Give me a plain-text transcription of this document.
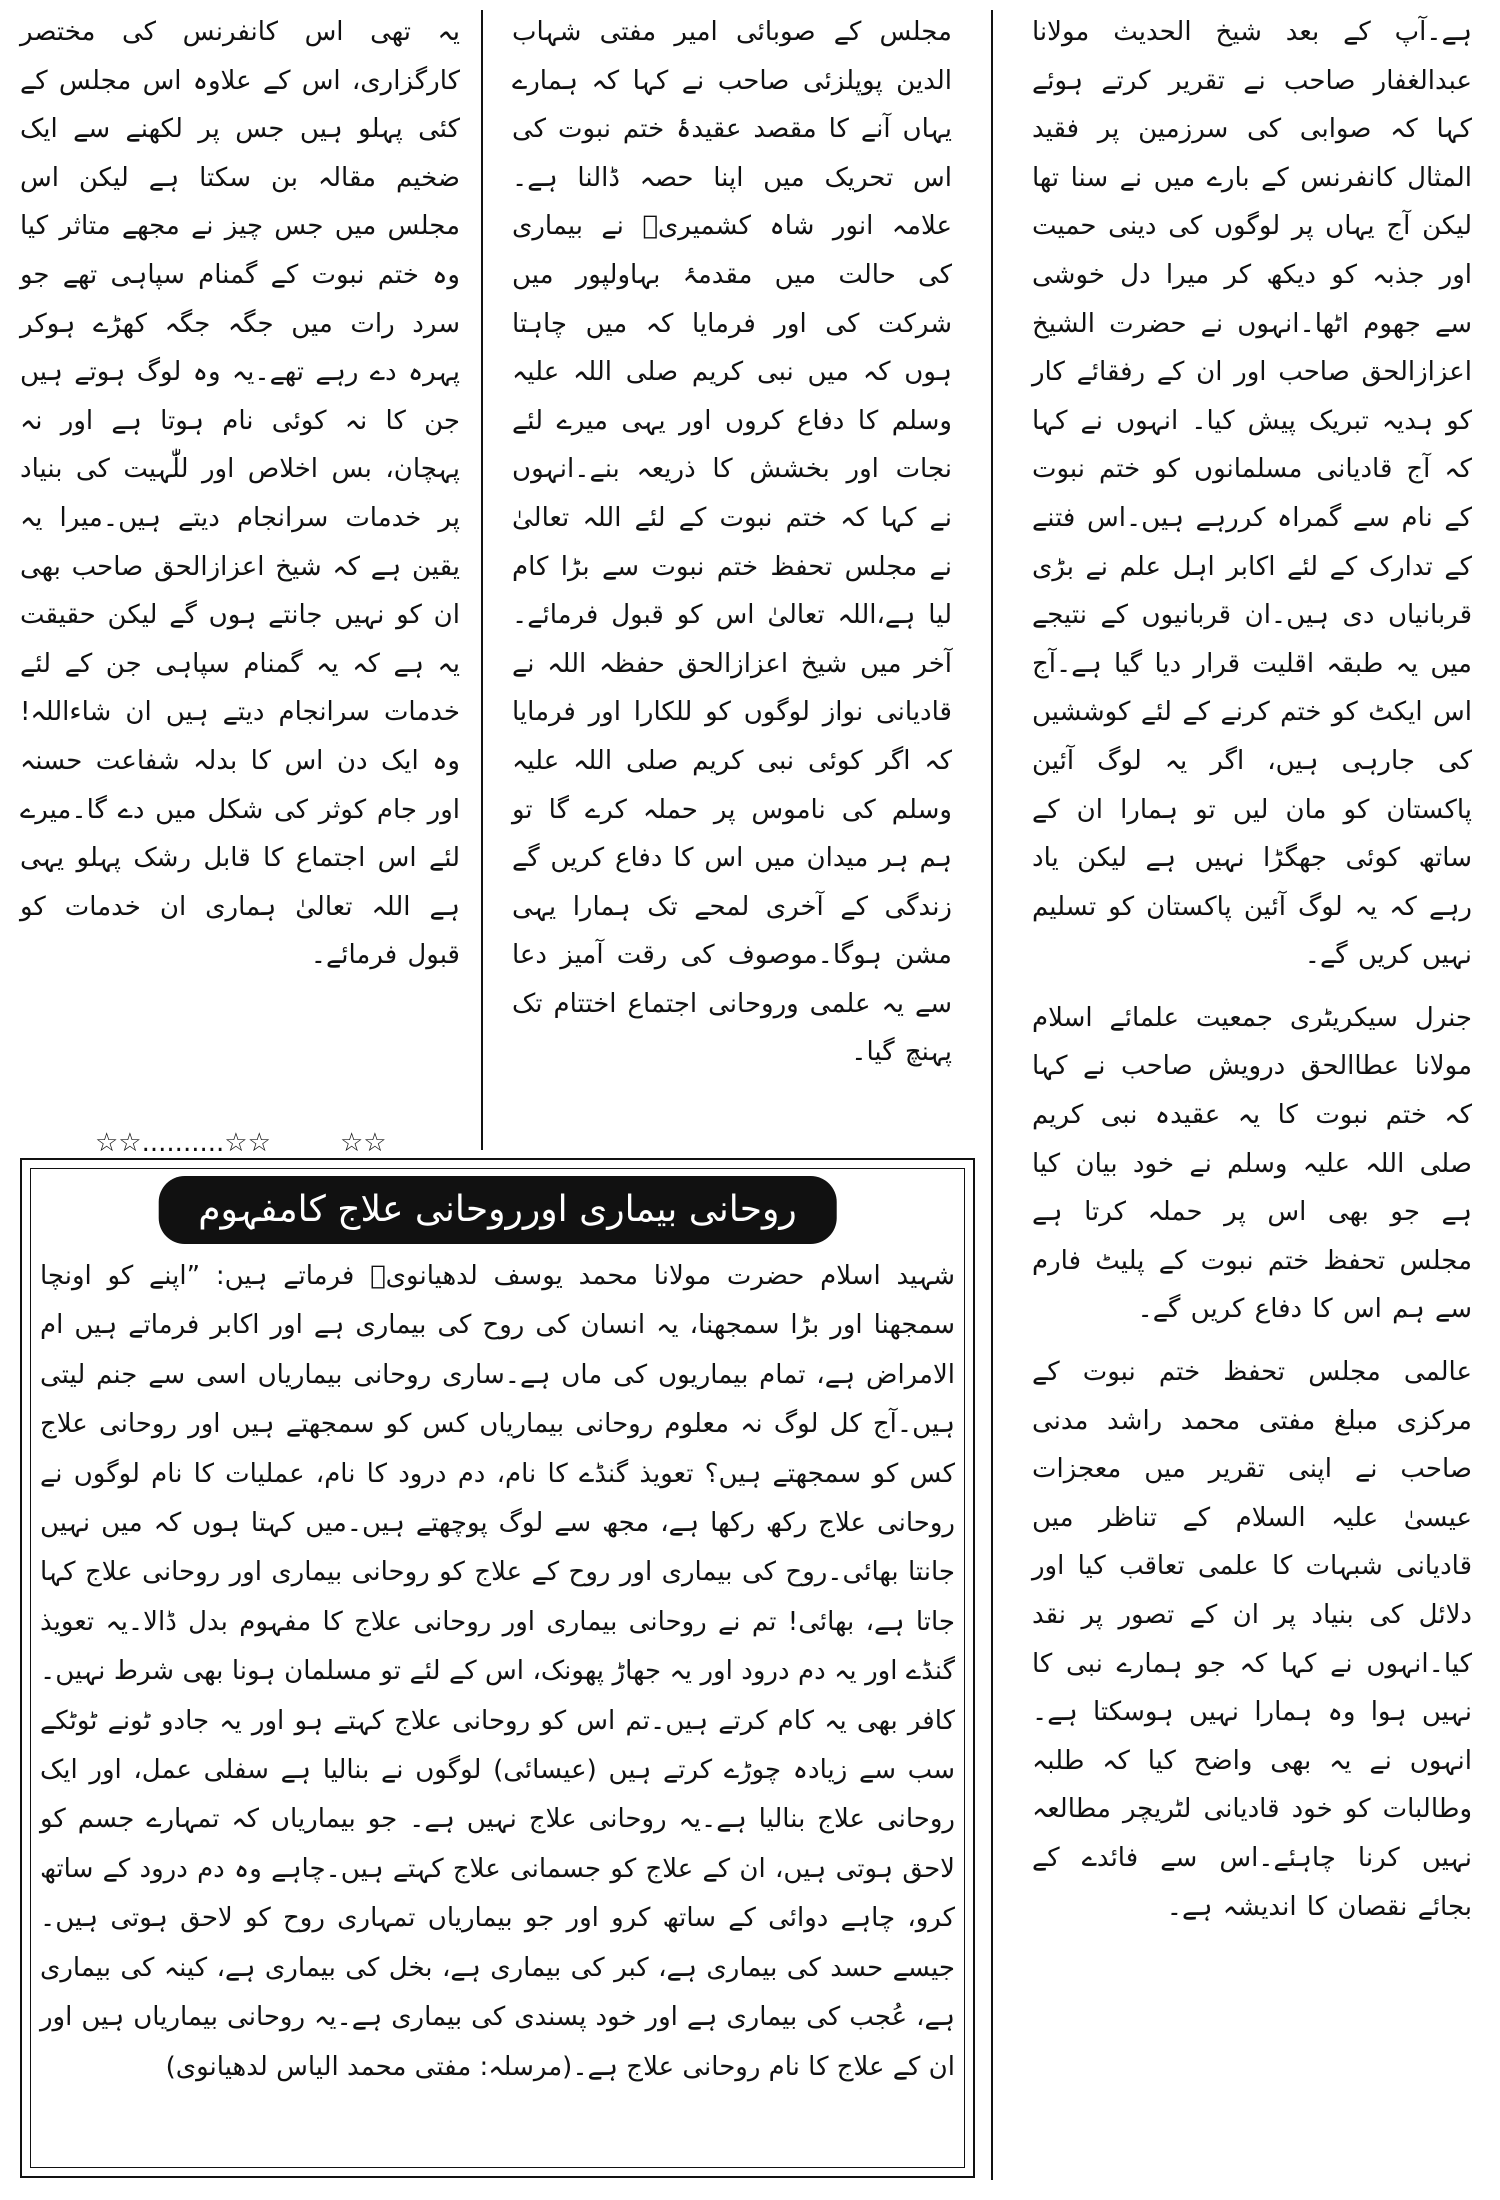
ہے۔آپ کے بعد شیخ الحدیث مولانا عبدالغفار صاحب نے تقریر کرتے ہوئے کہا کہ صوابی کی سرزمین پر فقید المثال کانفرنس کے بارے میں نے سنا تھا لیکن آج یہاں پر لوگوں کی دینی حمیت اور جذبہ کو دیکھ کر میرا دل خوشی سے جھوم اٹھا۔انہوں نے حضرت الشیخ اعزازالحق صاحب اور ان کے رفقائے کار کو ہدیہ تبریک پیش کیا۔ انہوں نے کہا کہ آج قادیانی مسلمانوں کو ختم نبوت کے نام سے گمراہ کررہے ہیں۔اس فتنے کے تدارک کے لئے اکابر اہل علم نے بڑی قربانیاں دی ہیں۔ان قربانیوں کے نتیجے میں یہ طبقہ اقلیت قرار دیا گیا ہے۔آج اس ایکٹ کو ختم کرنے کے لئے کوششیں کی جارہی ہیں، اگر یہ لوگ آئین پاکستان کو مان لیں تو ہمارا ان کے ساتھ کوئی جھگڑا نہیں ہے لیکن یاد رہے کہ یہ لوگ آئین پاکستان کو تسلیم نہیں کریں گے۔

جنرل سیکریٹری جمعیت علمائے اسلام مولانا عطاالحق درویش صاحب نے کہا کہ ختم نبوت کا یہ عقیدہ نبی کریم صلی اللہ علیہ وسلم نے خود بیان کیا ہے جو بھی اس پر حملہ کرتا ہے مجلس تحفظ ختم نبوت کے پلیٹ فارم سے ہم اس کا دفاع کریں گے۔

عالمی مجلس تحفظ ختم نبوت کے مرکزی مبلغ مفتی محمد راشد مدنی صاحب نے اپنی تقریر میں معجزات عیسیٰ علیہ السلام کے تناظر میں قادیانی شبہات کا علمی تعاقب کیا اور دلائل کی بنیاد پر ان کے تصور پر نقد کیا۔انہوں نے کہا کہ جو ہمارے نبی کا نہیں ہوا وہ ہمارا نہیں ہوسکتا ہے۔انہوں نے یہ بھی واضح کیا کہ طلبہ وطالبات کو خود قادیانی لٹریچر مطالعہ نہیں کرنا چاہئے۔اس سے فائدے کے بجائے نقصان کا اندیشہ ہے۔

مجلس کے صوبائی امیر مفتی شہاب الدین پوپلزئی صاحب نے کہا کہ ہمارے یہاں آنے کا مقصد عقیدۂ ختم نبوت کی اس تحریک میں اپنا حصہ ڈالنا ہے۔ علامہ انور شاہ کشمیریؒ نے بیماری کی حالت میں مقدمۂ بہاولپور میں شرکت کی اور فرمایا کہ میں چاہتا ہوں کہ میں نبی کریم صلی اللہ علیہ وسلم کا دفاع کروں اور یہی میرے لئے نجات اور بخشش کا ذریعہ بنے۔انہوں نے کہا کہ ختم نبوت کے لئے اللہ تعالیٰ نے مجلس تحفظ ختم نبوت سے بڑا کام لیا ہے،اللہ تعالیٰ اس کو قبول فرمائے۔آخر میں شیخ اعزازالحق حفظہ اللہ نے قادیانی نواز لوگوں کو للکارا اور فرمایا کہ اگر کوئی نبی کریم صلی اللہ علیہ وسلم کی ناموس پر حملہ کرے گا تو ہم ہر میدان میں اس کا دفاع کریں گے زندگی کے آخری لمحے تک ہمارا یہی مشن ہوگا۔موصوف کی رقت آمیز دعا سے یہ علمی وروحانی اجتماع اختتام تک پہنچ گیا۔

یہ تھی اس کانفرنس کی مختصر کارگزاری، اس کے علاوہ اس مجلس کے کئی پہلو ہیں جس پر لکھنے سے ایک ضخیم مقالہ بن سکتا ہے لیکن اس مجلس میں جس چیز نے مجھے متاثر کیا وہ ختم نبوت کے گمنام سپاہی تھے جو سرد رات میں جگہ جگہ کھڑے ہوکر پہرہ دے رہے تھے۔یہ وہ لوگ ہوتے ہیں جن کا نہ کوئی نام ہوتا ہے اور نہ پہچان، بس اخلاص اور للّٰہیت کی بنیاد پر خدمات سرانجام دیتے ہیں۔میرا یہ یقین ہے کہ شیخ اعزازالحق صاحب بھی ان کو نہیں جانتے ہوں گے لیکن حقیقت یہ ہے کہ یہ گمنام سپاہی جن کے لئے خدمات سرانجام دیتے ہیں ان شاءاللہ! وہ ایک دن اس کا بدلہ شفاعت حسنہ اور جام کوثر کی شکل میں دے گا۔میرے لئے اس اجتماع کا قابل رشک پہلو یہی ہے اللہ تعالیٰ ہماری ان خدمات کو قبول فرمائے۔

☆☆..........☆☆	☆☆
روحانی بیماری اورروحانی علاج کامفہوم

شہید اسلام حضرت مولانا محمد یوسف لدھیانویؒ فرماتے ہیں: ”اپنے کو اونچا سمجھنا اور بڑا سمجھنا، یہ انسان کی روح کی بیماری ہے اور اکابر فرماتے ہیں ام الامراض ہے، تمام بیماریوں کی ماں ہے۔ساری روحانی بیماریاں اسی سے جنم لیتی ہیں۔آج کل لوگ نہ معلوم روحانی بیماریاں کس کو سمجھتے ہیں اور روحانی علاج کس کو سمجھتے ہیں؟ تعویذ گنڈے کا نام، دم درود کا نام، عملیات کا نام لوگوں نے روحانی علاج رکھ رکھا ہے، مجھ سے لوگ پوچھتے ہیں۔میں کہتا ہوں کہ میں نہیں جانتا بھائی۔روح کی بیماری اور روح کے علاج کو روحانی بیماری اور روحانی علاج کہا جاتا ہے، بھائی! تم نے روحانی بیماری اور روحانی علاج کا مفہوم بدل ڈالا۔یہ تعویذ گنڈے اور یہ دم درود اور یہ جھاڑ پھونک، اس کے لئے تو مسلمان ہونا بھی شرط نہیں۔کافر بھی یہ کام کرتے ہیں۔تم اس کو روحانی علاج کہتے ہو اور یہ جادو ٹونے ٹوٹکے سب سے زیادہ چوڑے کرتے ہیں (عیسائی) لوگوں نے بنالیا ہے سفلی عمل، اور ایک روحانی علاج بنالیا ہے۔یہ روحانی علاج نہیں ہے۔ جو بیماریاں کہ تمہارے جسم کو لاحق ہوتی ہیں، ان کے علاج کو جسمانی علاج کہتے ہیں۔چاہے وہ دم درود کے ساتھ کرو، چاہے دوائی کے ساتھ کرو اور جو بیماریاں تمہاری روح کو لاحق ہوتی ہیں۔جیسے حسد کی بیماری ہے، کبر کی بیماری ہے، بخل کی بیماری ہے، کینہ کی بیماری ہے، عُجب کی بیماری ہے اور خود پسندی کی بیماری ہے۔یہ روحانی بیماریاں ہیں اور ان کے علاج کا نام روحانی علاج ہے۔(مرسلہ: مفتی محمد الیاس لدھیانوی)
